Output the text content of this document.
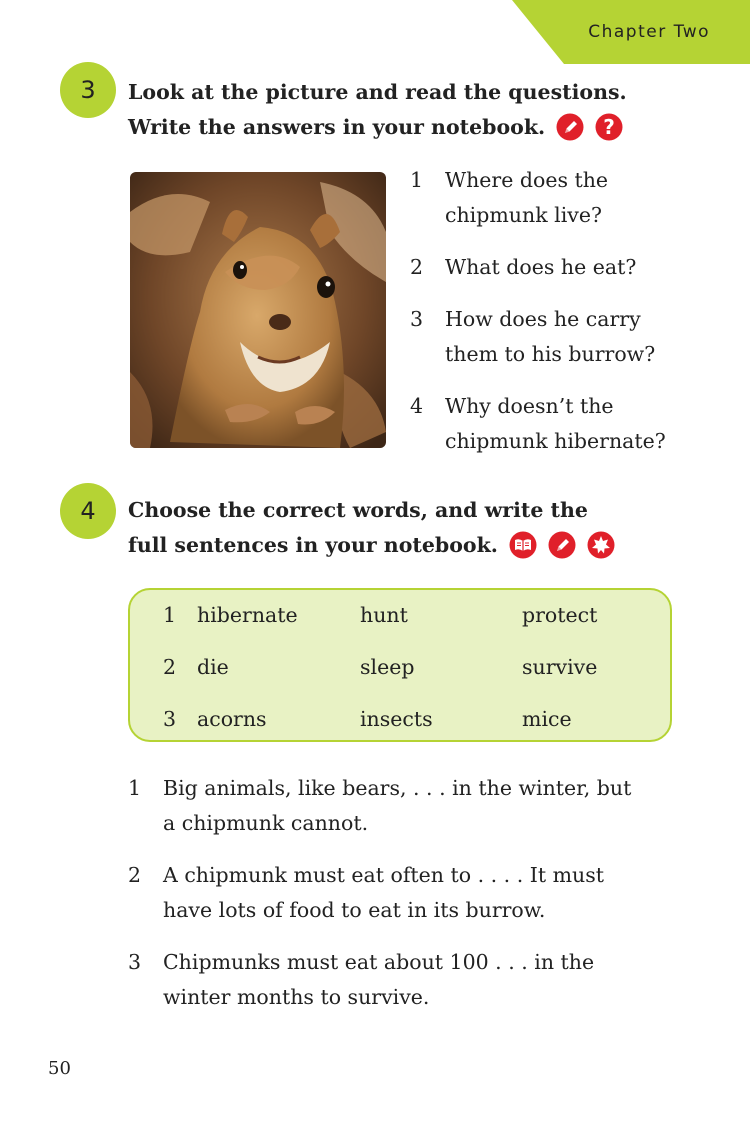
Chapter Two
3	Look at the picture and read the questions.
Write the answers in your notebook.	?
1	Where does the
chipmunk live?
2	What does he eat?
3	How does he carry
them to his burrow?
4	Why doesn’t the
chipmunk hibernate?
4	Choose the correct words, and write the
full sentences in your notebook.
1 hibernate	hunt	protect
2 die	sleep	survive
3 acorns	insects	mice
1	Big animals, like bears, . . . in the winter, but
a chipmunk cannot.
2	A chipmunk must eat often to . . . . It must
have lots of food to eat in its burrow.
3	Chipmunks must eat about 100 . . . in the
winter months to survive.
50
